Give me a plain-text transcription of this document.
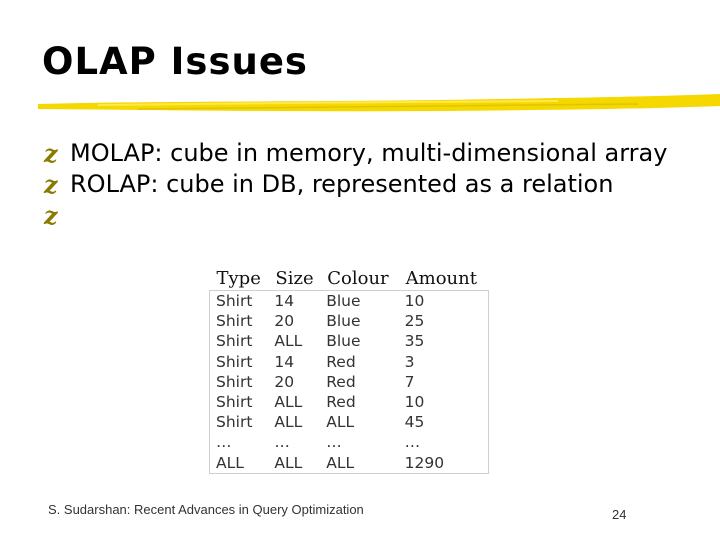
OLAP Issues
z MOLAP: cube in memory, multi-dimensional array
z ROLAP: cube in DB, represented as a relation
z
Type	Size	Colour	Amount
Shirt	14	Blue	10
Shirt	20	Blue	25
Shirt	ALL	Blue	35
Shirt	14	Red	3
Shirt	20	Red	7
Shirt	ALL	Red	10
Shirt	ALL	ALL	45
…	…	…	…
ALL	ALL	ALL	1290
S. Sudarshan: Recent Advances in Query Optimization	24
